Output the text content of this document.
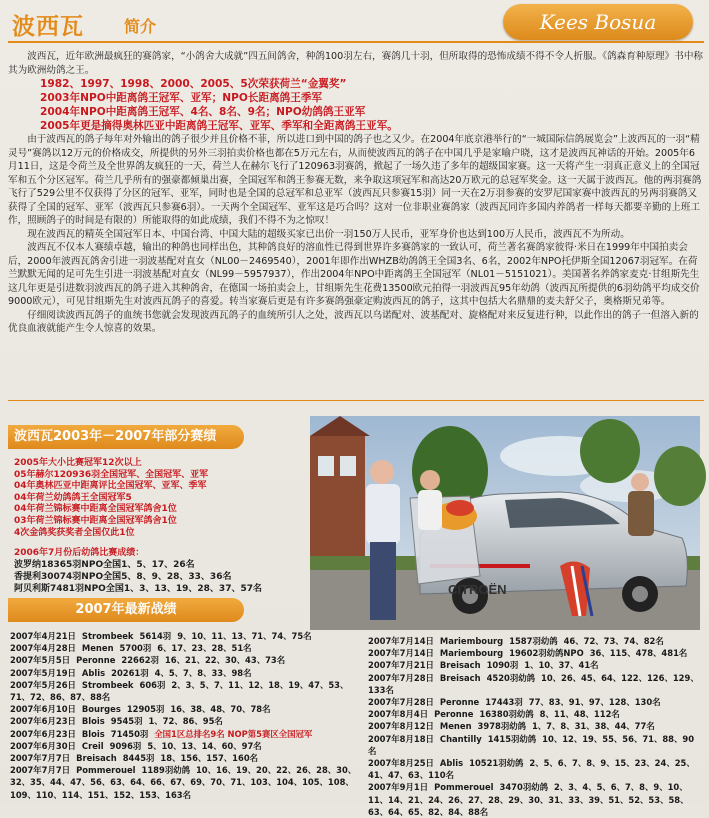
波西瓦	简介	Kees Bosua

波西瓦，近年欧洲最疯狂的赛鸽家，“小鸽舍大成就”四五间鸽舍，种鸽100羽左右，赛鸽几十羽，但所取得的恐怖成绩不得不令人折服。《鸽森育种原理》书中称其为欧洲幼鸽之王。

1982、1997、1998、2000、2005、5次荣获荷兰“金翼奖”
2003年NPO中距离鸽王冠军、亚军；NPO长距离鸽王季军
2004年NPO中距离鸽王冠军、4名、8名、9名；NPO幼鸽鸽王亚军
2005年更是摘得奥林匹亚中距离鸽王冠军、亚军、季军和全距离鸽王亚军。

由于波西瓦的鸽子每年对外输出的鸽子很少并且价格不菲，所以进口到中国的鸽子也之又少。在2004年底京港举行的“一城国际信鸽展览会”上波西瓦的一羽“精灵号”赛鸽以12万元的价格成交，所提供的另外三羽拍卖价格也都在5万元左右，从而使波西瓦的鸽子在中国几乎是家喻户晓，这才是波西瓦神话的开始。2005年6月11日，这是令荷兰及全世界鸽友疯狂的一天，荷兰人在赫尔飞行了120963羽赛鸽，掀起了一场久违了多年的超级国家赛。这一天将产生一羽真正意义上的全国冠军和五个分区冠军。荷兰几乎所有的强豪都倾巢出赛，全国冠军和鸽王参赛无数，来争取这项冠军和高达20万欧元的总冠军奖金。这一天属于波西瓦。他的两羽赛鸽飞行了529公里不仅获得了分区的冠军、亚军，同时也是全国的总冠军和总亚军（波西瓦只参赛15羽）同一天在2万羽参赛的安罗尼国家赛中波西瓦的另两羽赛鸽又获得了全国的冠军、亚军（波西瓦只参赛6羽）。一天两个全国冠军、亚军这是巧合吗？这对一位非职业赛鸽家（波西瓦同许多国内养鸽者一样每天都要辛勤的上班工作，照顾鸽子的时间是有限的）所能取得的如此成绩，我们不得不为之惊叹！

现在波西瓦的精英全国冠军日本、中国台湾、中国大陆的超级买家已出价一羽150万人民币，亚军身价也达到100万人民币，波西瓦不为所动。

波西瓦不仅本人赛绩卓越，输出的种鸽也同样出色，其种鸽良好的溶血性已得到世界许多赛鸽家的一致认可，荷兰著名赛鸽家彼得·米日在1999年中国拍卖会后，2000年波西瓦鸽舍引进一羽波基配对直女（NL00－2469540），2001年即作出WHZB幼鸽鸽王全国3名、6名，2002年NPO托伊斯全国12067羽冠军。在荷兰默默无闻的足可先生引进一羽波基配对直女（NL99－5957937），作出2004年NPO中距离鸽王全国冠军（NL01－5151021）。美国著名养鸽家麦克·甘组斯先生这几年更是引进数羽波西瓦的鸽子进入其种鸽舍，在德国一场拍卖会上，甘组斯先生花费13500欧元拍得一羽波西瓦95年幼鸽（波西瓦所提供的6羽幼鸽平均成交价9000欧元），可见甘组斯先生对波西瓦鸽子的喜爱。转当家赛后更是有许多赛鸽强豪定购波西瓦的鸽子，这其中包括大名鼎鼎的麦夫舒父子，奥格斯兄弟等。

仔细阅读波西瓦鸽子的血统书您就会发现波西瓦鸽子的血统所引人之处，波西瓦以乌诺配对、波基配对、旋格配对来反复进行种，以此作出的鸽子一但溶入新的优良血液就能产生令人惊喜的效果。

波西瓦2003年－2007年部分赛绩
2005年大小比赛冠军12次以上
05年赫尔120936羽全国冠军、全国冠军、亚军
04年奥林匹亚中距离评比全国冠军、亚军、季军
04年荷兰幼鸽鸽王全国冠军5
04年荷兰锦标赛中距离全国冠军鸽舍1位
03年荷兰锦标赛中距离全国冠军鸽舍1位
4次金鸽奖获奖者全国仅此1位
2006年7月份后幼鸽比赛成绩：
波罗纳18365羽NPO全国1、5、17、26名
香提利30074羽NPO全国5、8、9、28、33、36名
阿贝利斯7481羽NPO全国1、3、13、19、28、37、57名	CITROËN
2007年最新战绩
2007年4月21日 Strombeek 5614羽 9、10、11、13、71、74、75名
2007年4月28日 Menen 5700羽 6、17、23、28、51名
2007年5月5日 Peronne 22662羽 16、21、22、30、43、73名
2007年5月19日 Ablis 20261羽 4、5、7、8、33、98名
2007年5月26日 Strombeek 606羽 2、3、5、7、11、12、18、19、47、53、71、72、86、87、88名
2007年6月10日 Bourges 12905羽 16、38、48、70、78名
2007年6月23日 Blois 9545羽 1、72、86、95名
2007年6月23日 Blois 71450羽 全国1区总排名9名 NOP第5赛区全国冠军
2007年6月30日 Creil 9096羽 5、10、13、14、60、97名
2007年7月7日 Breisach 8445羽 18、156、157、160名
2007年7月7日 Pommerouel 1189羽幼鸽 10、16、19、20、22、26、28、30、32、35、44、47、56、63、64、66、67、69、70、71、103、104、105、108、109、110、114、151、152、153、163名
2007年7月14日 Mariembourg 1587羽幼鸽 46、72、73、74、82名
2007年7月14日 Mariembourg 19602羽幼鸽NPO 36、115、478、481名
2007年7月21日 Breisach 1090羽 1、10、37、41名
2007年7月28日 Breisach 4520羽幼鸽 10、26、45、64、122、126、129、133名
2007年7月28日 Peronne 17443羽 77、83、91、97、128、130名
2007年8月4日 Peronne 16380羽幼鸽 8、11、48、112名
2007年8月12日 Menen 3978羽幼鸽 1、7、8、31、38、44、77名
2007年8月18日 Chantilly 1415羽幼鸽 10、12、19、55、56、71、88、90名
2007年8月25日 Ablis 10521羽幼鸽 2、5、6、7、8、9、15、23、24、25、41、47、63、110名
2007年9月1日 Pommerouel 3470羽幼鸽 2、3、4、5、6、7、8、9、10、11、14、21、24、26、27、28、29、30、31、33、39、51、52、53、58、63、64、65、82、84、88名
